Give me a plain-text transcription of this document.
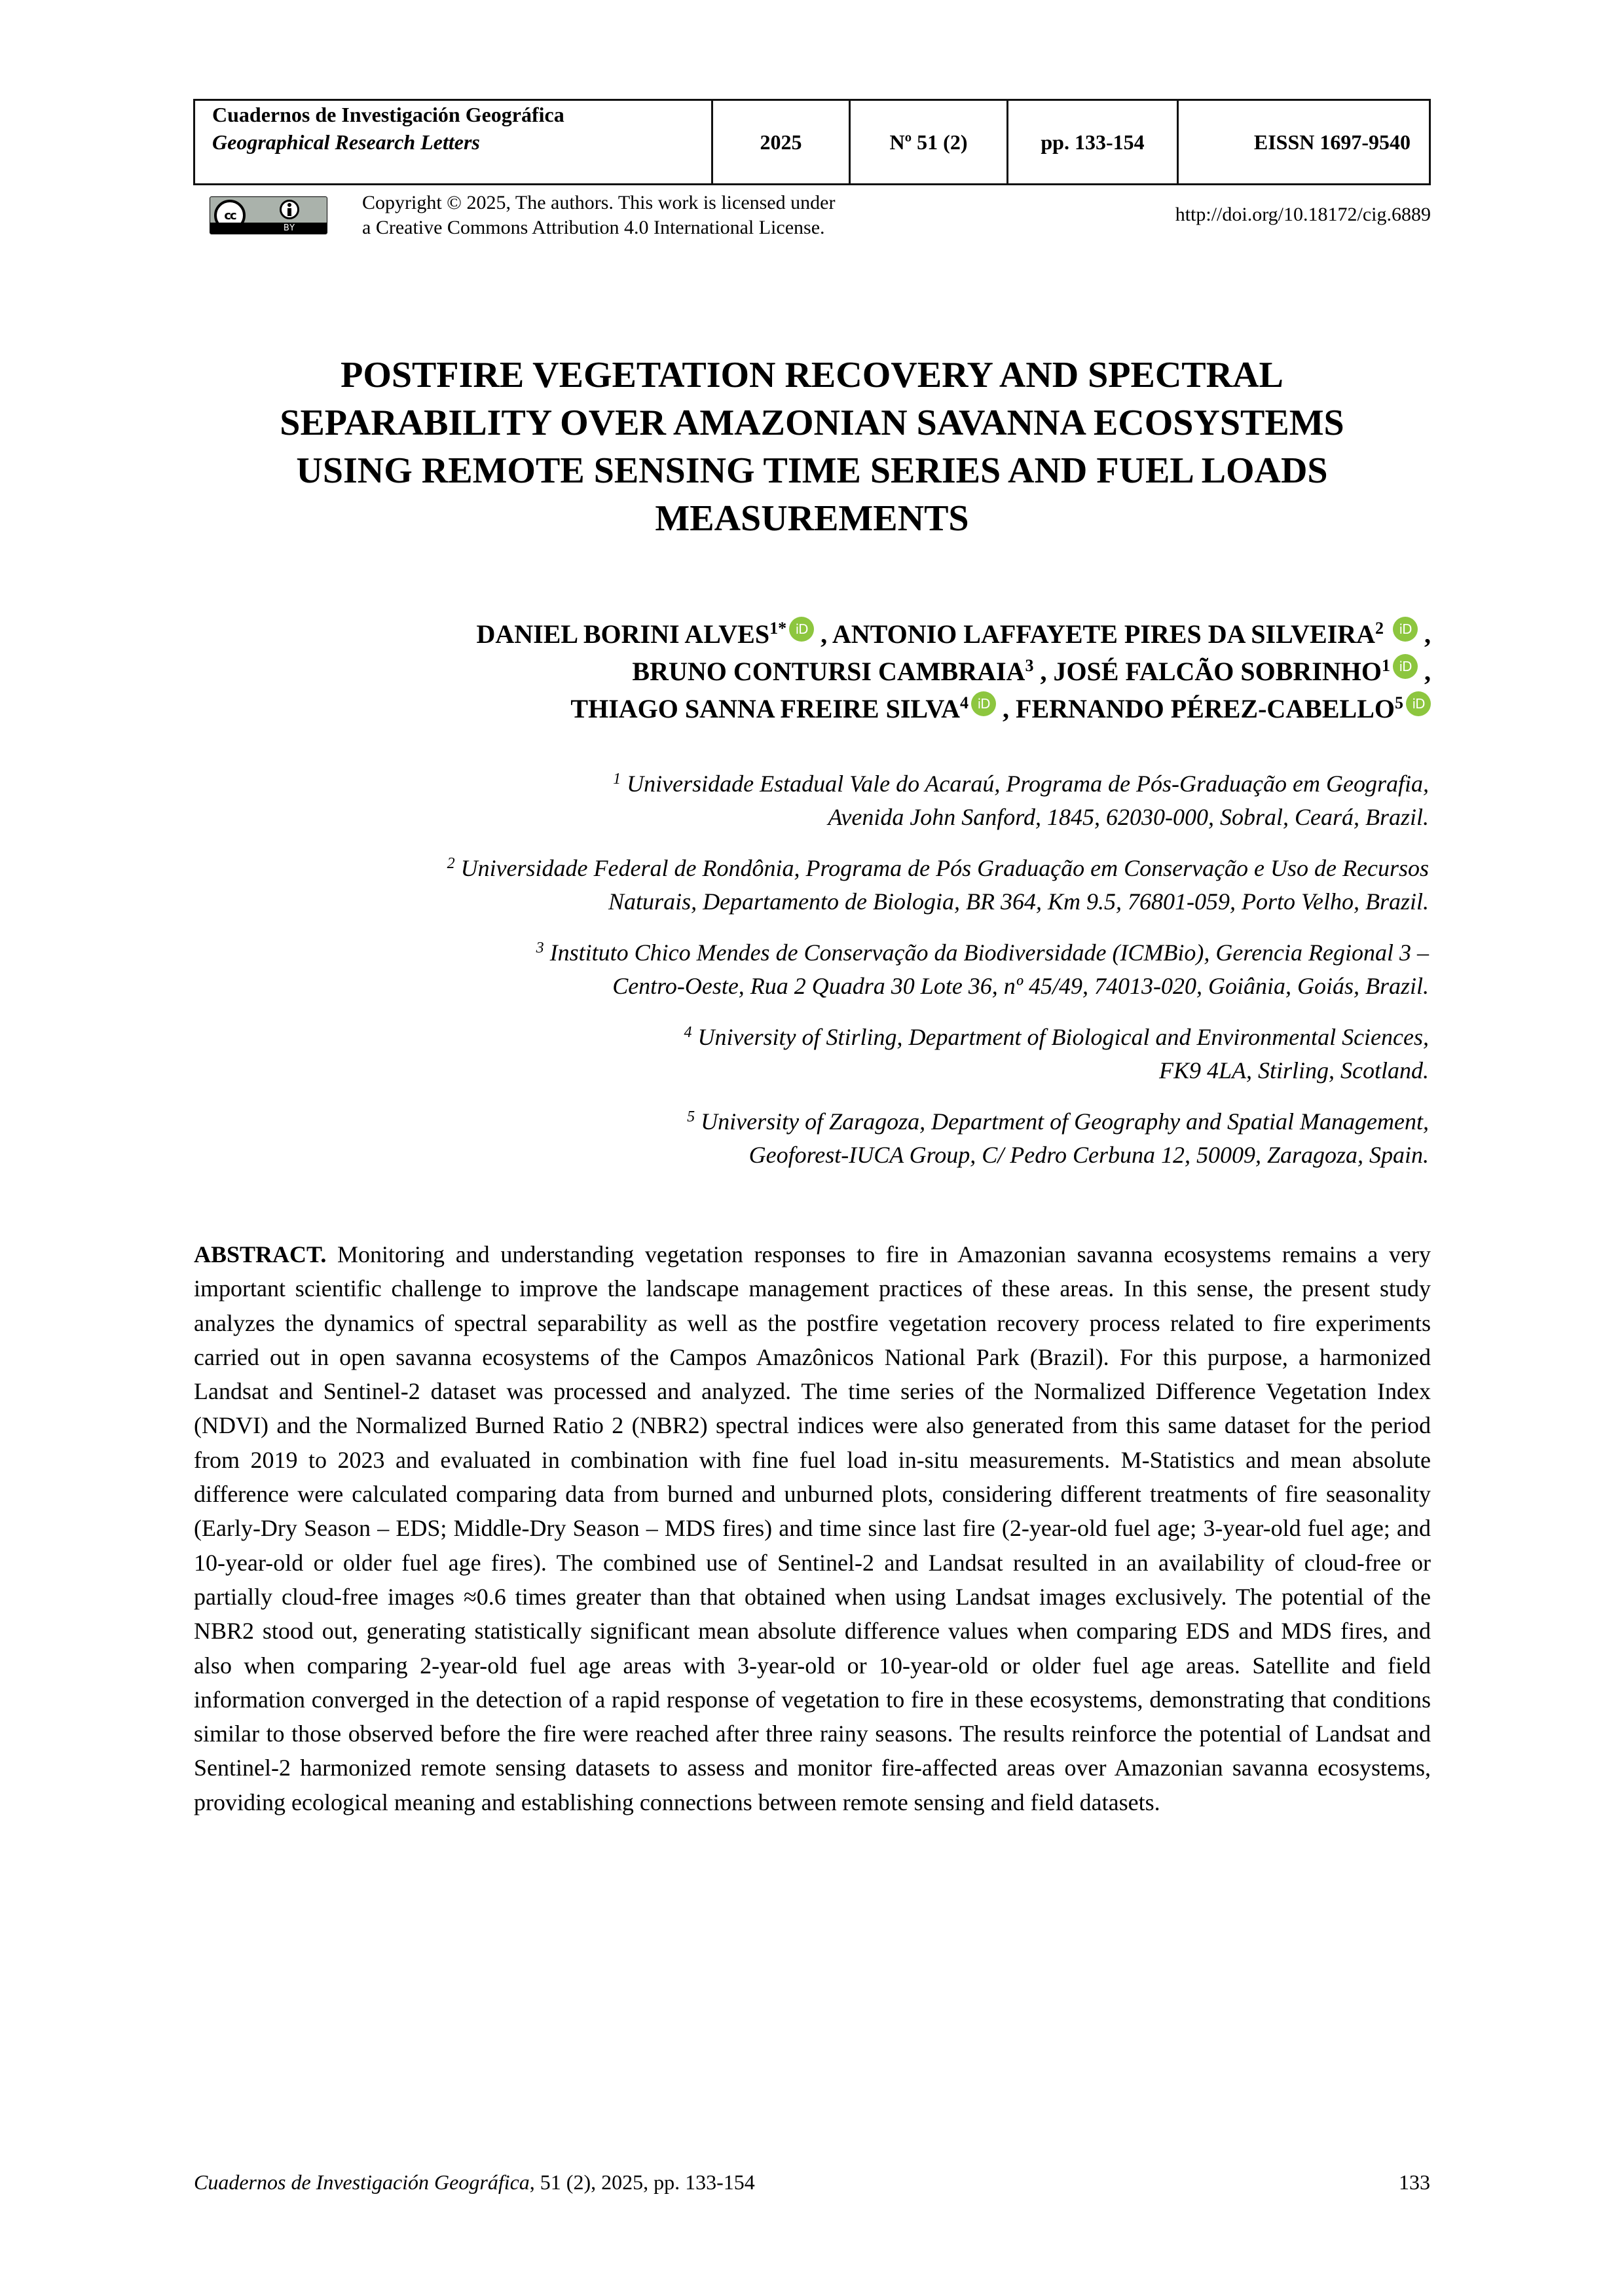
Cuadernos de Investigación Geográfica
Geographical Research Letters	2025	Nº 51 (2)	pp. 133-154	EISSN 1697-9540
cc
BY
Copyright © 2025, The authors. This work is licensed under
a Creative Commons Attribution 4.0 International License.
http://doi.org/10.18172/cig.6889
POSTFIRE VEGETATION RECOVERY AND SPECTRAL
SEPARABILITY OVER AMAZONIAN SAVANNA ECOSYSTEMS
USING REMOTE SENSING TIME SERIES AND FUEL LOADS
MEASUREMENTS
DANIEL BORINI $ALVES^{1*}$ iD , ANTONIO LAFFAYETE PIRES DA SILVEIRA$^2$ iD ,
BRUNO CONTURSI CAMBRAIA$^3$ , JOSÉ FALCÃO SOBRINHO$^1$ iD ,
THIAGO SANNA FREIRE SILVA$^4$ iD , FERNANDO PÉREZ-CABELLO$^5$ iD
$^1$ Universidade Estadual Vale do Acaraú, Programa de Pós-Graduação em Geografia,
Avenida John Sanford, 1845, 62030-000, Sobral, Ceará, Brazil.
$^2$ Universidade Federal de Rondônia, Programa de Pós Graduação em Conservação e Uso de Recursos
Naturais, Departamento de Biologia, BR 364, Km 9.5, 76801-059, Porto Velho, Brazil.
$^3$ Instituto Chico Mendes de Conservação da Biodiversidade (ICMBio), Gerencia Regional 3 –
Centro-Oeste, Rua 2 Quadra 30 Lote 36, nº 45/49, 74013-020, Goiânia, Goiás, Brazil.
$^4$ University of Stirling, Department of Biological and Environmental Sciences,
FK9 4LA, Stirling, Scotland.
$^5$ University of Zaragoza, Department of Geography and Spatial Management,
Geoforest-IUCA Group, C/ Pedro Cerbuna 12, 50009, Zaragoza, Spain.
ABSTRACT. Monitoring and understanding vegetation responses to fire in Amazonian savanna ecosystems remains a very important scientific challenge to improve the landscape management practices of these areas. In this sense, the present study analyzes the dynamics of spectral separability as well as the postfire vegetation recovery process related to fire experiments carried out in open savanna ecosystems of the Campos Amazônicos National Park (Brazil). For this purpose, a harmonized Landsat and Sentinel-2 dataset was processed and analyzed. The time series of the Normalized Difference Vegetation Index (NDVI) and the Normalized Burned Ratio 2 (NBR2) spectral indices were also generated from this same dataset for the period from 2019 to 2023 and evaluated in combination with fine fuel load in-situ measurements. M-Statistics and mean absolute difference were calculated comparing data from burned and unburned plots, considering different treatments of fire seasonality (Early-Dry Season – EDS; Middle-Dry Season – MDS fires) and time since last fire (2-year-old fuel age; 3-year-old fuel age; and 10-year-old or older fuel age fires). The combined use of Sentinel-2 and Landsat resulted in an availability of cloud-free or partially cloud-free images ≈0.6 times greater than that obtained when using Landsat images exclusively. The potential of the NBR2 stood out, generating statistically significant mean absolute difference values when comparing EDS and MDS fires, and also when comparing 2-year-old fuel age areas with 3-year-old or 10-year-old or older fuel age areas. Satellite and field information converged in the detection of a rapid response of vegetation to fire in these ecosystems, demonstrating that conditions similar to those observed before the fire were reached after three rainy seasons. The results reinforce the potential of Landsat and Sentinel-2 harmonized remote sensing datasets to assess and monitor fire-affected areas over Amazonian savanna ecosystems, providing ecological meaning and establishing connections between remote sensing and field datasets.
Cuadernos de Investigación Geográfica, 51 (2), 2025, pp. 133-154	133
